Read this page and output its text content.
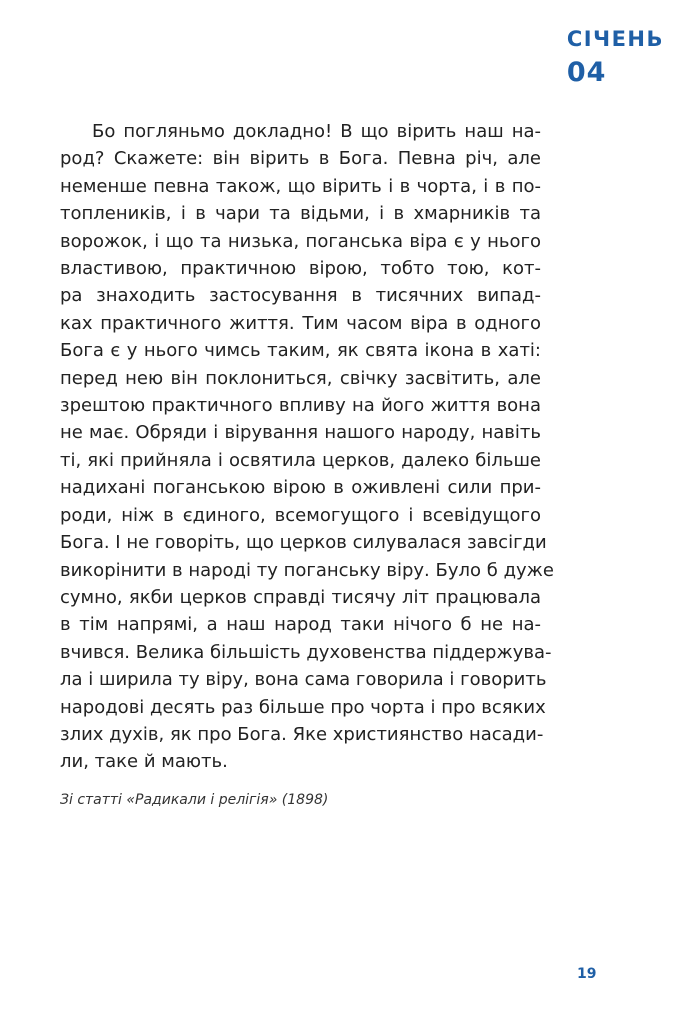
СІЧЕНЬ
04
Бо погляньмо докладно! В що вірить наш на-
род? Скажете: він вірить в Бога. Певна річ, але
неменше певна також, що вірить і в чорта, і в по-
топлеників, і в чари та відьми, і в хмарників та
ворожок, і що та низька, поганська віра є у нього
властивою, практичною вірою, тобто тою, кот-
ра знаходить застосування в тисячних випад-
ках практичного життя. Тим часом віра в одного
Бога є у нього чимсь таким, як свята ікона в хаті:
перед нею він поклониться, свічку засвітить, але
зрештою практичного впливу на його життя вона
не має. Обряди і вірування нашого народу, навіть
ті, які прийняла і освятила церков, далеко більше
надихані поганською вірою в оживлені сили при-
роди, ніж в єдиного, всемогущого і всевідущого
Бога. І не говоріть, що церков силувалася завсігди
викорінити в народі ту поганську віру. Було б дуже
сумно, якби церков справді тисячу літ працювала
в тім напрямі, а наш народ таки нічого б не на-
вчився. Велика більшість духовенства піддержува-
ла і ширила ту віру, вона сама говорила і говорить
народові десять раз більше про чорта і про всяких
злих духів, як про Бога. Яке християнство насади-
ли, таке й мають.
Зі статті «Радикали і релігія» (1898)
19
